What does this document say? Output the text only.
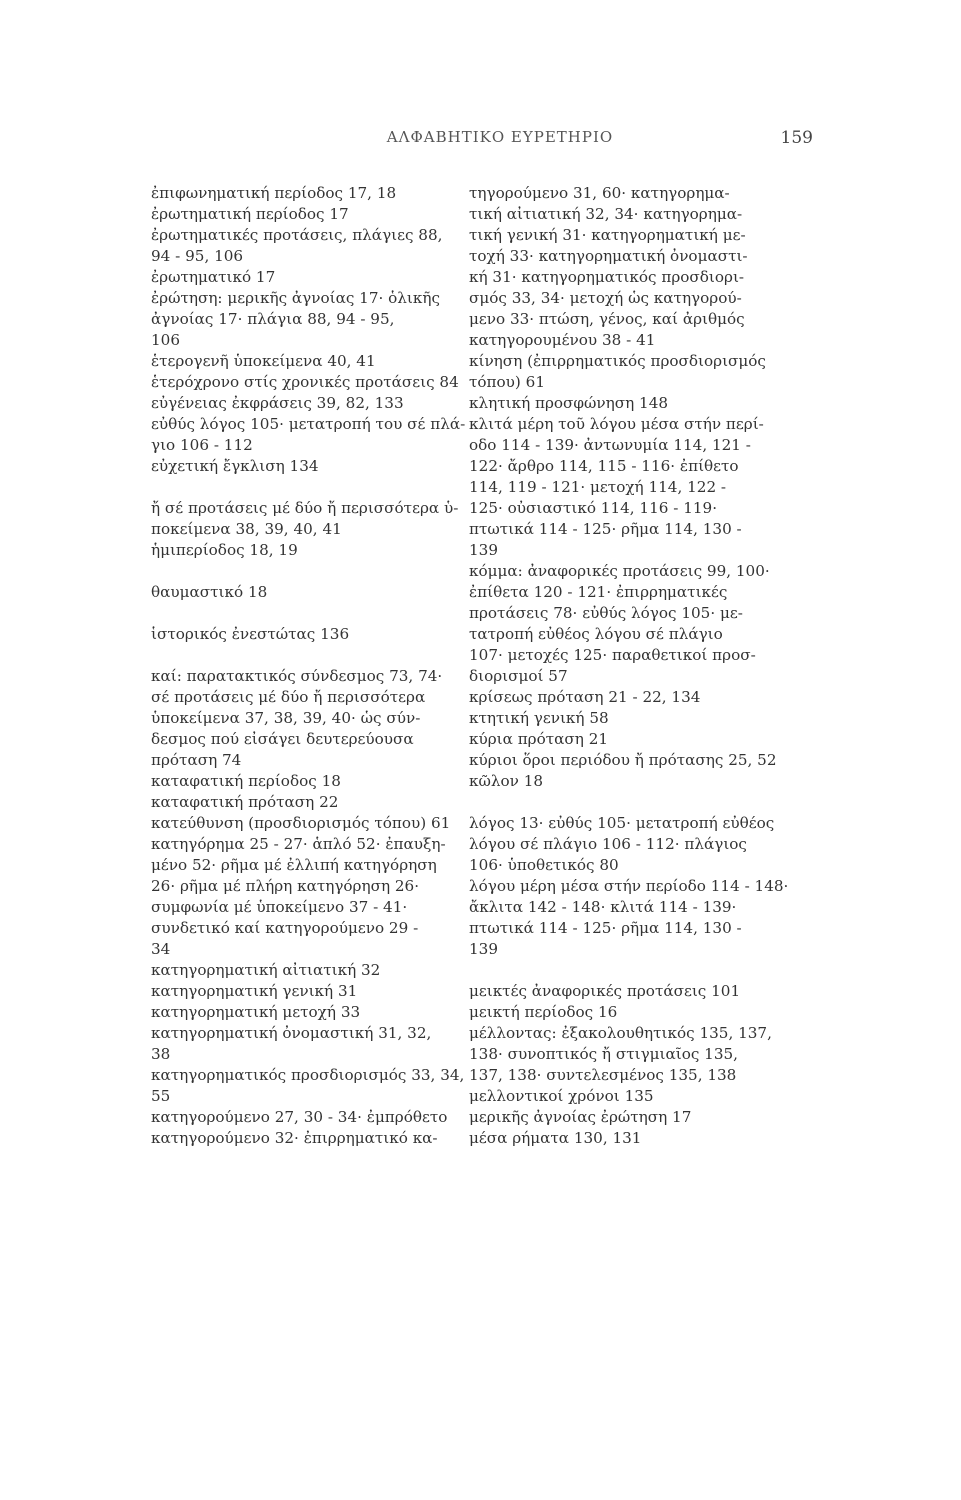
ΑΛΦΑΒΗΤΙΚΟ ΕΥΡΕΤΗΡΙΟ	159
ἐπιφωνηματική περίοδος 17, 18
ἐρωτηματική περίοδος 17
ἐρωτηματικές προτάσεις, πλάγιες 88,
94 - 95, 106
ἐρωτηματικό 17
ἐρώτηση: μερικῆς ἀγνοίας 17· ὁλικῆς
ἀγνοίας 17· πλάγια 88, 94 - 95,
106
ἑτερογενῆ ὑποκείμενα 40, 41
ἑτερόχρονο στίς χρονικές προτάσεις 84
εὐγένειας ἐκφράσεις 39, 82, 133
εὐθύς λόγος 105· μετατροπή του σέ πλά-
γιο 106 - 112
εὐχετική ἔγκλιση 134
ἤ σέ προτάσεις μέ δύο ἤ περισσότερα ὑ-
ποκείμενα 38, 39, 40, 41
ἡμιπερίοδος 18, 19
θαυμαστικό 18
ἱστορικός ἐνεστώτας 136
καί: παρατακτικός σύνδεσμος 73, 74·
σέ προτάσεις μέ δύο ἤ περισσότερα
ὑποκείμενα 37, 38, 39, 40· ὡς σύν-
δεσμος πού εἰσάγει δευτερεύουσα
πρόταση 74
καταφατική περίοδος 18
καταφατική πρόταση 22
κατεύθυνση (προσδιορισμός τόπου) 61
κατηγόρημα 25 - 27· ἁπλό 52· ἐπαυξη-
μένο 52· ρῆμα μέ ἐλλιπή κατηγόρηση
26· ρῆμα μέ πλήρη κατηγόρηση 26·
συμφωνία μέ ὑποκείμενο 37 - 41·
συνδετικό καί κατηγορούμενο 29 -
34
κατηγορηματική αἰτιατική 32
κατηγορηματική γενική 31
κατηγορηματική μετοχή 33
κατηγορηματική ὀνομαστική 31, 32,
38
κατηγορηματικός προσδιορισμός 33, 34,
55
κατηγορούμενο 27, 30 - 34· ἐμπρόθετο
κατηγορούμενο 32· ἐπιρρηματικό κα-
τηγορούμενο 31, 60· κατηγορημα-
τική αἰτιατική 32, 34· κατηγορημα-
τική γενική 31· κατηγορηματική με-
τοχή 33· κατηγορηματική ὀνομαστι-
κή 31· κατηγορηματικός προσδιορι-
σμός 33, 34· μετοχή ὡς κατηγορού-
μενο 33· πτώση, γένος, καί ἀριθμός
κατηγορουμένου 38 - 41
κίνηση (ἐπιρρηματικός προσδιορισμός
τόπου) 61
κλητική προσφώνηση 148
κλιτά μέρη τοῦ λόγου μέσα στήν περί-
οδο 114 - 139· ἀντωνυμία 114, 121 -
122· ἄρθρο 114, 115 - 116· ἐπίθετο
114, 119 - 121· μετοχή 114, 122 -
125· οὐσιαστικό 114, 116 - 119·
πτωτικά 114 - 125· ρῆμα 114, 130 -
139
κόμμα: ἀναφορικές προτάσεις 99, 100·
ἐπίθετα 120 - 121· ἐπιρρηματικές
προτάσεις 78· εὐθύς λόγος 105· με-
τατροπή εὐθέος λόγου σέ πλάγιο
107· μετοχές 125· παραθετικοί προσ-
διορισμοί 57
κρίσεως πρόταση 21 - 22, 134
κτητική γενική 58
κύρια πρόταση 21
κύριοι ὅροι περιόδου ἤ πρότασης 25, 52
κῶλον 18
λόγος 13· εὐθύς 105· μετατροπή εὐθέος
λόγου σέ πλάγιο 106 - 112· πλάγιος
106· ὑποθετικός 80
λόγου μέρη μέσα στήν περίοδο 114 - 148·
ἄκλιτα 142 - 148· κλιτά 114 - 139·
πτωτικά 114 - 125· ρῆμα 114, 130 -
139
μεικτές ἀναφορικές προτάσεις 101
μεικτή περίοδος 16
μέλλοντας: ἐξακολουθητικός 135, 137,
138· συνοπτικός ἤ στιγμιαῖος 135,
137, 138· συντελεσμένος 135, 138
μελλοντικοί χρόνοι 135
μερικῆς ἀγνοίας ἐρώτηση 17
μέσα ρήματα 130, 131
